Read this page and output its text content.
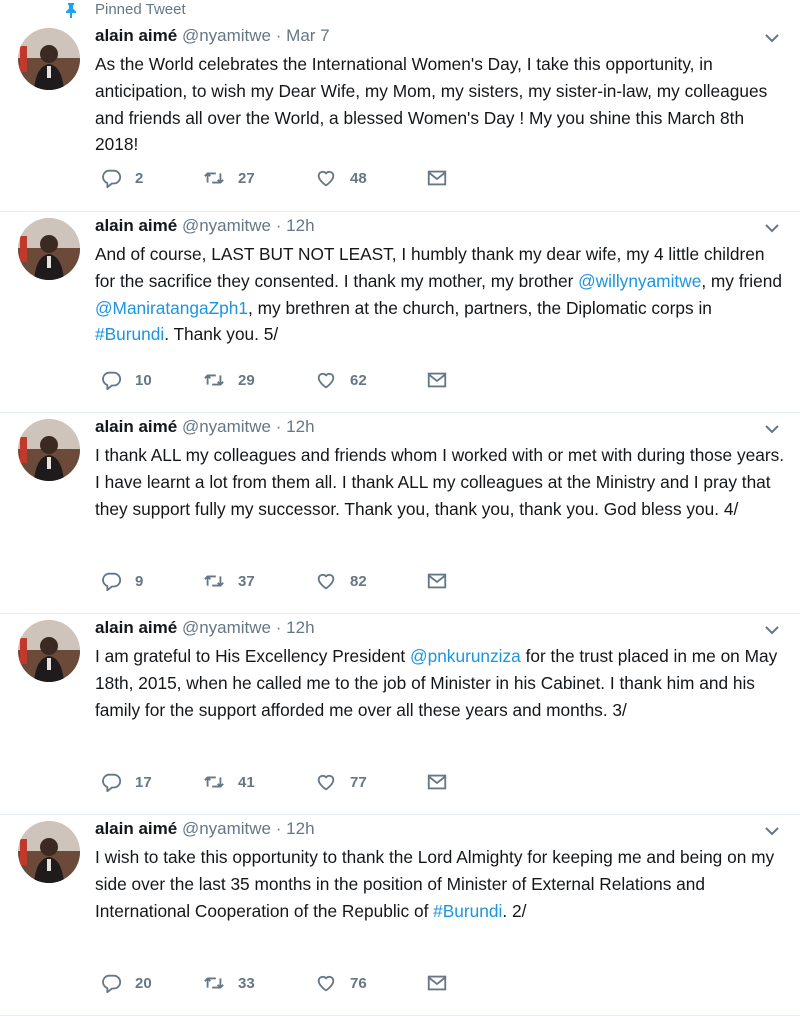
Pinned Tweet
alain aimé @nyamitwe · Mar 7
As the World celebrates the International Women's Day, I take this opportunity, in anticipation, to wish my Dear Wife, my Mom, my sisters, my sister-in-law, my colleagues and friends all over the World, a blessed Women's Day ! My you shine this March 8th 2018!
2	27	48
alain aimé @nyamitwe · 12h
And of course, LAST BUT NOT LEAST, I humbly thank my dear wife, my 4 little children for the sacrifice they consented. I thank my mother, my brother @willynyamitwe, my friend @ManiratangaZph1, my brethren at the church, partners, the Diplomatic corps in #Burundi. Thank you. 5/
10	29	62
alain aimé @nyamitwe · 12h
I thank ALL my colleagues and friends whom I worked with or met with during those years. I have learnt a lot from them all. I thank ALL my colleagues at the Ministry and I pray that they support fully my successor. Thank you, thank you, thank you. God bless you. 4/
9	37	82
alain aimé @nyamitwe · 12h
I am grateful to His Excellency President @pnkurunziza for the trust placed in me on May 18th, 2015, when he called me to the job of Minister in his Cabinet. I thank him and his family for the support afforded me over all these years and months. 3/
17	41	77
alain aimé @nyamitwe · 12h
I wish to take this opportunity to thank the Lord Almighty for keeping me and being on my side over the last 35 months in the position of Minister of External Relations and International Cooperation of the Republic of #Burundi. 2/
20	33	76
